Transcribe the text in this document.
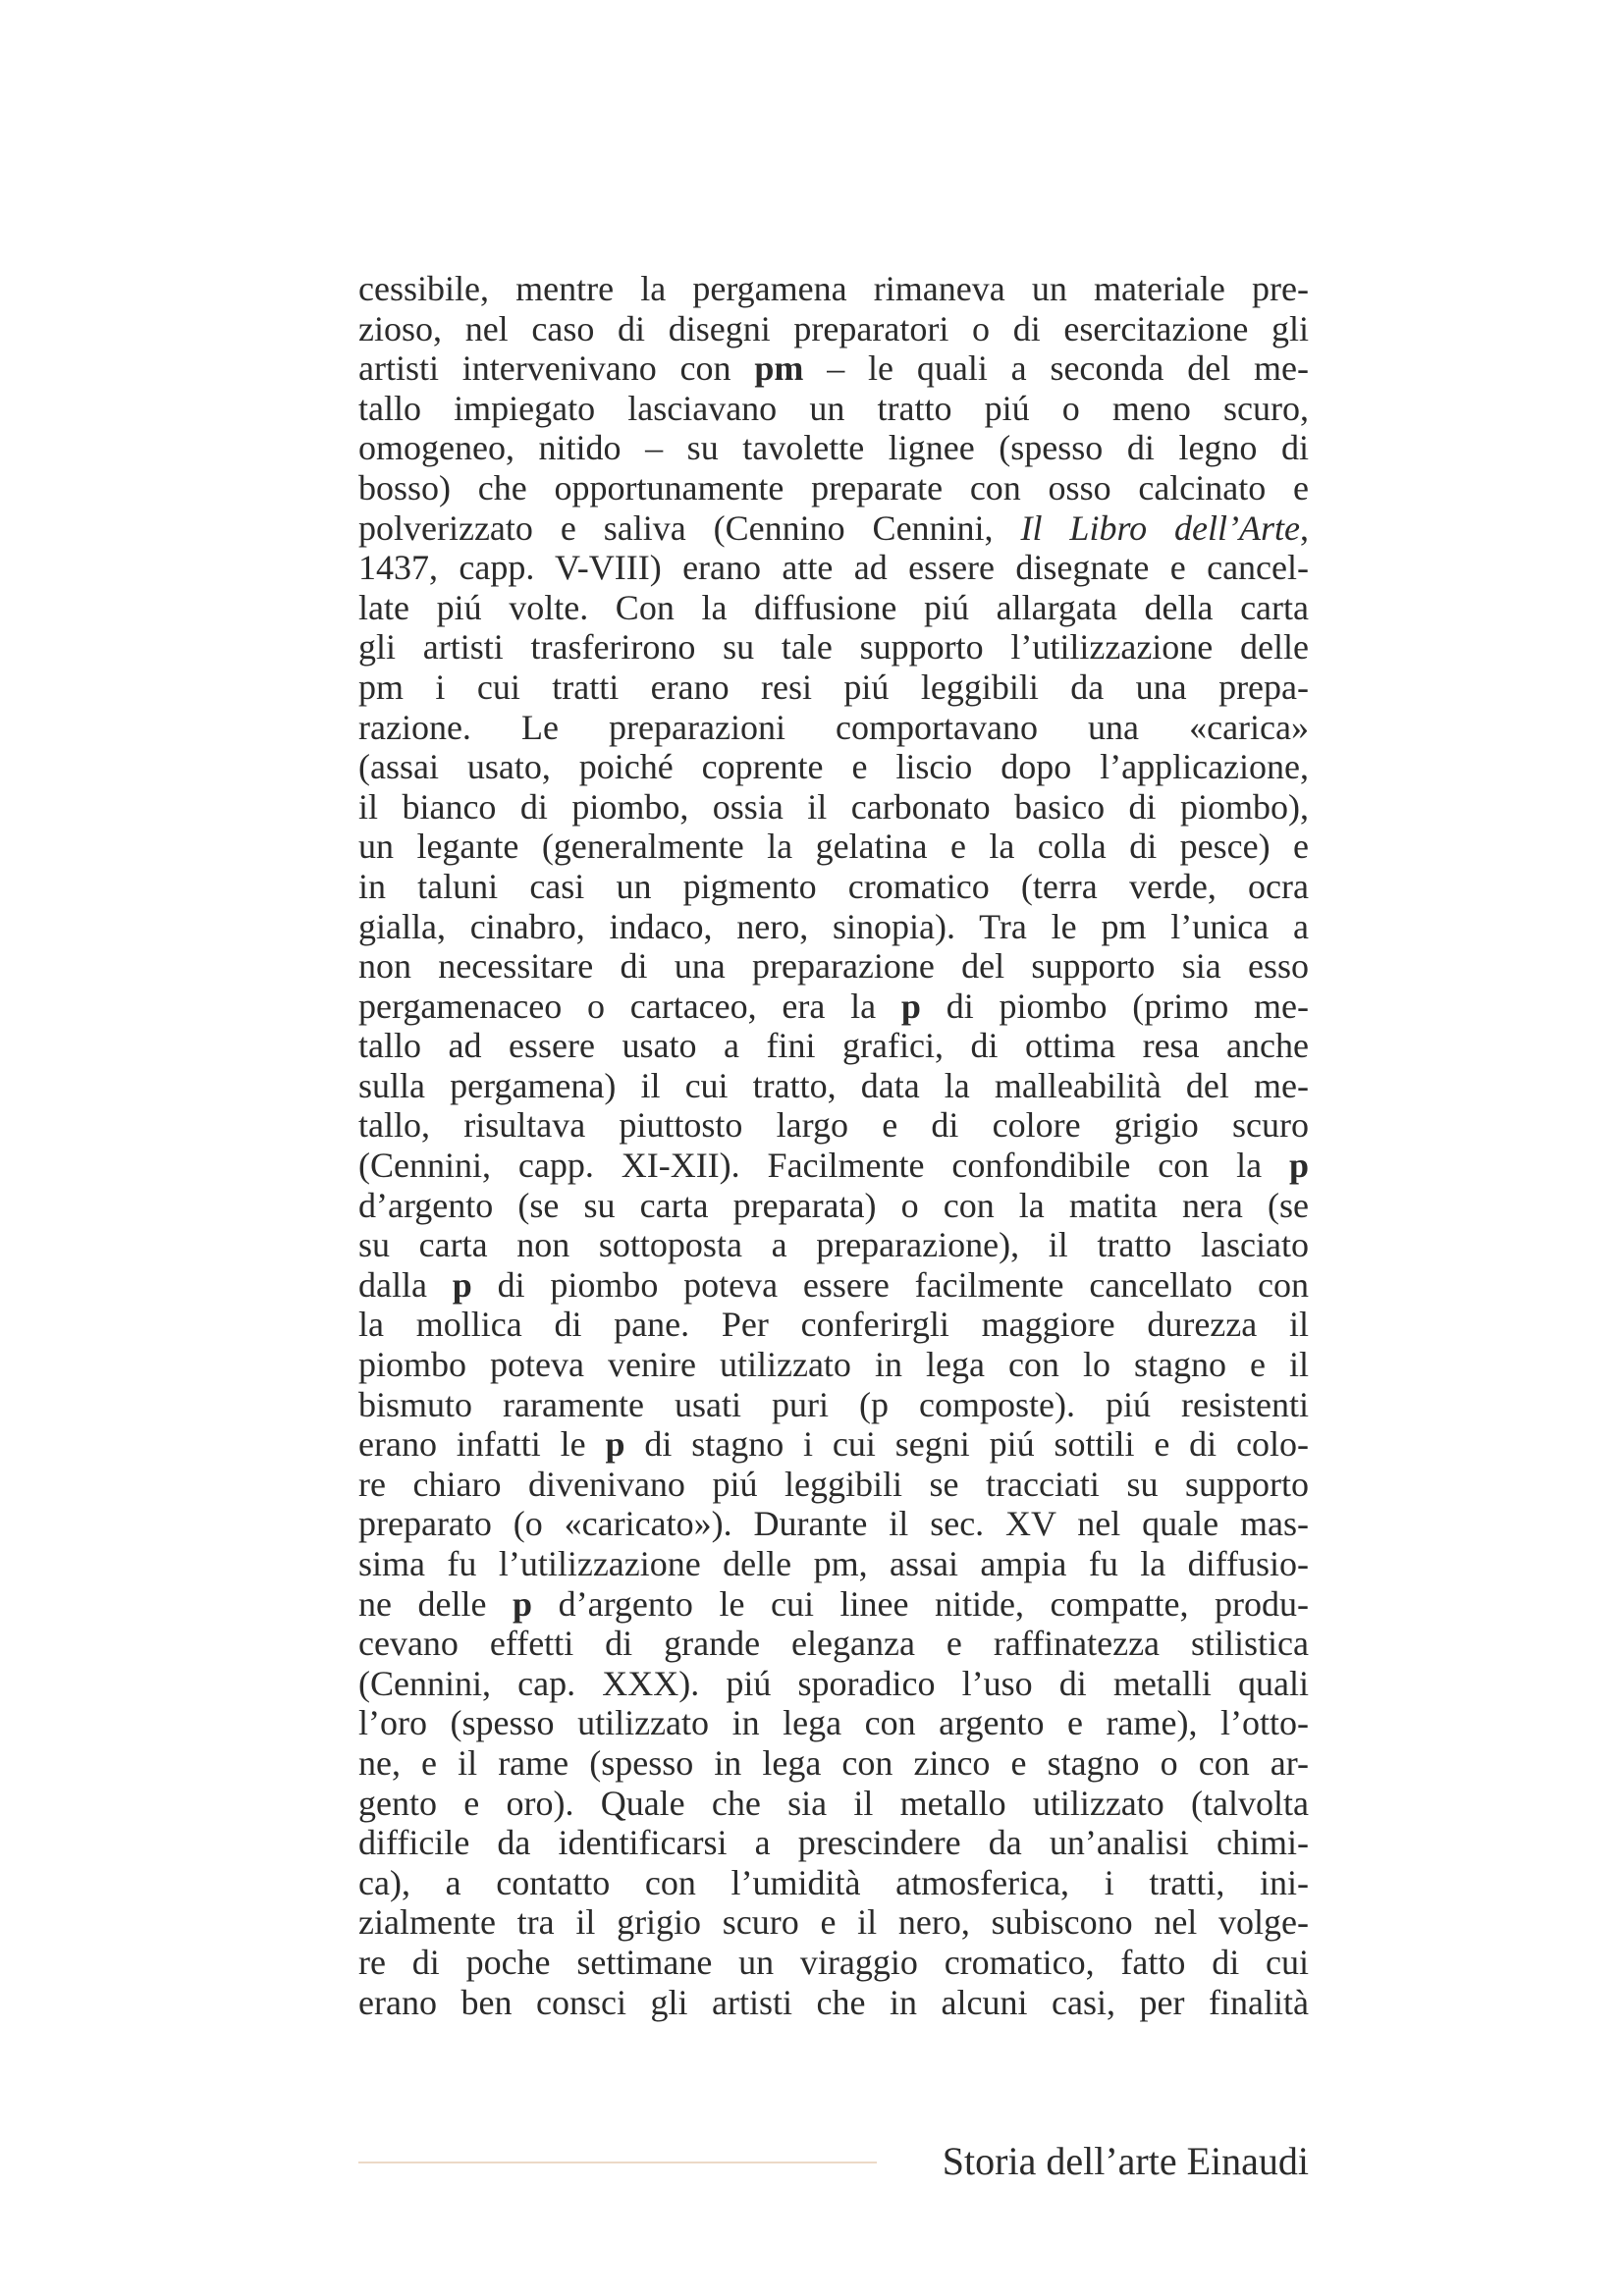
cessibile, mentre la pergamena rimaneva un materiale pre-
zioso, nel caso di disegni preparatori o di esercitazione gli
artisti intervenivano con pm – le quali a seconda del me-
tallo impiegato lasciavano un tratto piú o meno scuro,
omogeneo, nitido – su tavolette lignee (spesso di legno di
bosso) che opportunamente preparate con osso calcinato e
polverizzato e saliva (Cennino Cennini, Il Libro dell’Arte,
1437, capp. V-VIII) erano atte ad essere disegnate e cancel-
late piú volte. Con la diffusione piú allargata della carta
gli artisti trasferirono su tale supporto l’utilizzazione delle
pm i cui tratti erano resi piú leggibili da una prepa-
razione. Le preparazioni comportavano una «carica»
(assai usato, poiché coprente e liscio dopo l’applicazione,
il bianco di piombo, ossia il carbonato basico di piombo),
un legante (generalmente la gelatina e la colla di pesce) e
in taluni casi un pigmento cromatico (terra verde, ocra
gialla, cinabro, indaco, nero, sinopia). Tra le pm l’unica a
non necessitare di una preparazione del supporto sia esso
pergamenaceo o cartaceo, era la p di piombo (primo me-
tallo ad essere usato a fini grafici, di ottima resa anche
sulla pergamena) il cui tratto, data la malleabilità del me-
tallo, risultava piuttosto largo e di colore grigio scuro
(Cennini, capp. XI-XII). Facilmente confondibile con la p
d’argento (se su carta preparata) o con la matita nera (se
su carta non sottoposta a preparazione), il tratto lasciato
dalla p di piombo poteva essere facilmente cancellato con
la mollica di pane. Per conferirgli maggiore durezza il
piombo poteva venire utilizzato in lega con lo stagno e il
bismuto raramente usati puri (p composte). piú resistenti
erano infatti le p di stagno i cui segni piú sottili e di colo-
re chiaro divenivano piú leggibili se tracciati su supporto
preparato (o «caricato»). Durante il sec. XV nel quale mas-
sima fu l’utilizzazione delle pm, assai ampia fu la diffusio-
ne delle p d’argento le cui linee nitide, compatte, produ-
cevano effetti di grande eleganza e raffinatezza stilistica
(Cennini, cap. XXX). piú sporadico l’uso di metalli quali
l’oro (spesso utilizzato in lega con argento e rame), l’otto-
ne, e il rame (spesso in lega con zinco e stagno o con ar-
gento e oro). Quale che sia il metallo utilizzato (talvolta
difficile da identificarsi a prescindere da un’analisi chimi-
ca), a contatto con l’umidità atmosferica, i tratti, ini-
zialmente tra il grigio scuro e il nero, subiscono nel volge-
re di poche settimane un viraggio cromatico, fatto di cui
erano ben consci gli artisti che in alcuni casi, per finalità
Storia dell’arte Einaudi
